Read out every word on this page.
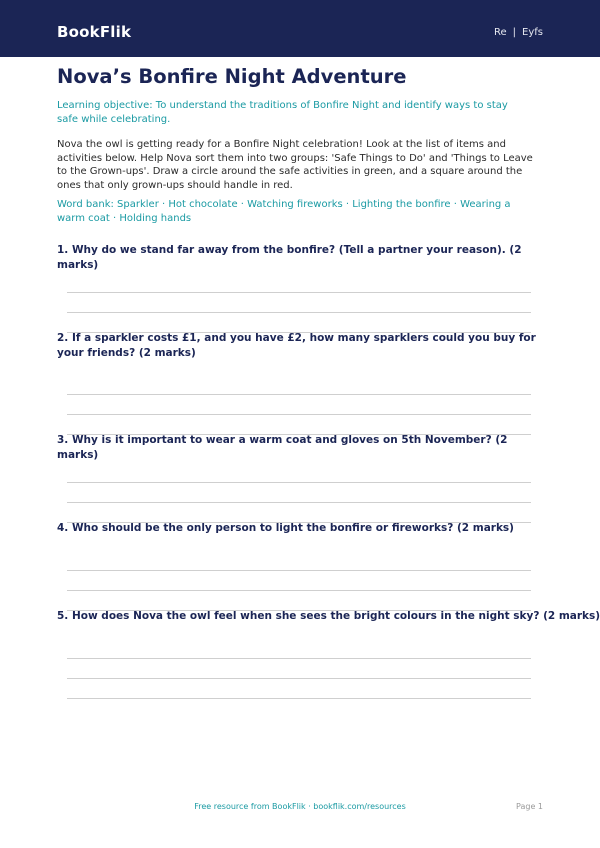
BookFlik	Re | Eyfs
Nova’s Bonfire Night Adventure

Learning objective: To understand the traditions of Bonfire Night and identify ways to stay safe while celebrating.

Nova the owl is getting ready for a Bonfire Night celebration! Look at the list of items and activities below. Help Nova sort them into two groups: 'Safe Things to Do' and 'Things to Leave to the Grown-ups'. Draw a circle around the safe activities in green, and a square around the ones that only grown-ups should handle in red.

Word bank: Sparkler · Hot chocolate · Watching fireworks · Lighting the bonfire · Wearing a warm coat · Holding hands

1. Why do we stand far away from the bonfire? (Tell a partner your reason). (2 marks)

2. If a sparkler costs £1, and you have £2, how many sparklers could you buy for your friends? (2 marks)

3. Why is it important to wear a warm coat and gloves on 5th November? (2 marks)

4. Who should be the only person to light the bonfire or fireworks? (2 marks)

5. How does Nova the owl feel when she sees the bright colours in the night sky? (2 marks)

Free resource from BookFlik · bookflik.com/resources	Page 1
